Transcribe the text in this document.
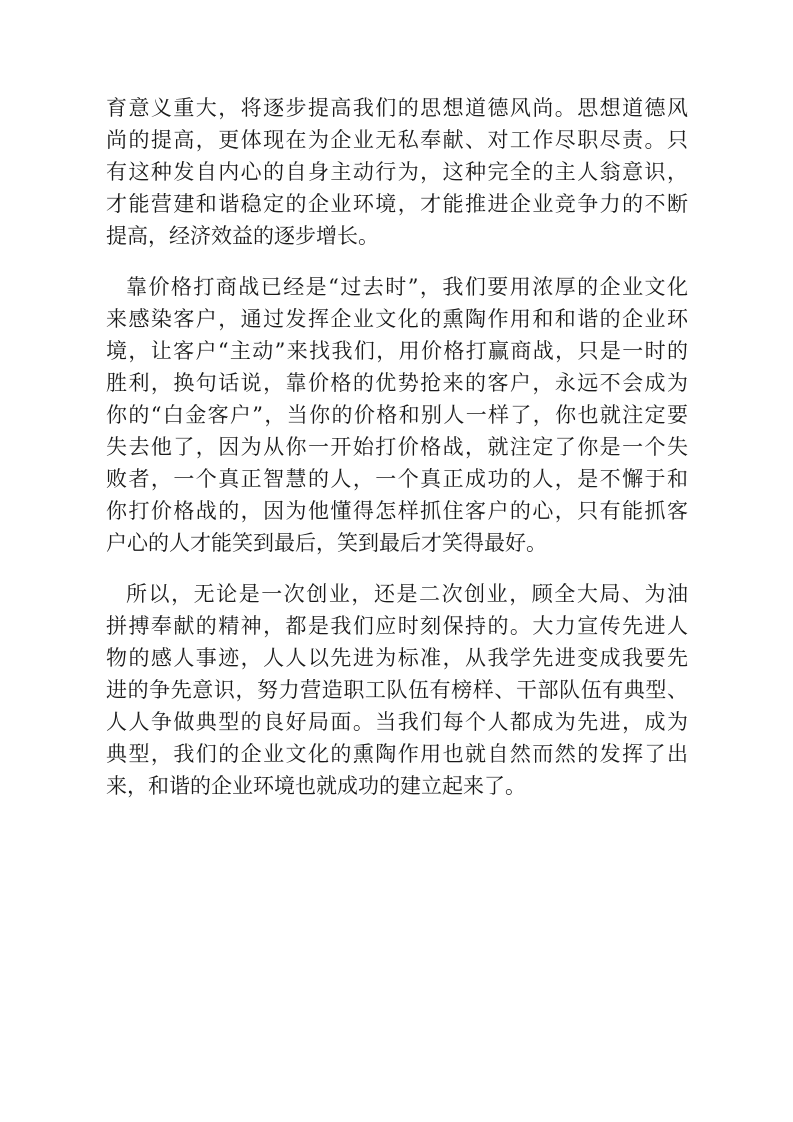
育意义重大，将逐步提高我们的思想道德风尚。思想道德风
尚的提高，更体现在为企业无私奉献、对工作尽职尽责。只
有这种发自内心的自身主动行为，这种完全的主人翁意识，
才能营建和谐稳定的企业环境，才能推进企业竞争力的不断
提高，经济效益的逐步增长。

靠价格打商战已经是“过去时”，我们要用浓厚的企业文化
来感染客户，通过发挥企业文化的熏陶作用和和谐的企业环
境，让客户“主动”来找我们，用价格打赢商战，只是一时的
胜利，换句话说，靠价格的优势抢来的客户，永远不会成为
你的“白金客户”，当你的价格和别人一样了，你也就注定要
失去他了，因为从你一开始打价格战，就注定了你是一个失
败者，一个真正智慧的人，一个真正成功的人，是不懈于和
你打价格战的，因为他懂得怎样抓住客户的心，只有能抓客
户心的人才能笑到最后，笑到最后才笑得最好。

所以，无论是一次创业，还是二次创业，顾全大局、为油
拼搏奉献的精神，都是我们应时刻保持的。大力宣传先进人
物的感人事迹，人人以先进为标准，从我学先进变成我要先
进的争先意识，努力营造职工队伍有榜样、干部队伍有典型、
人人争做典型的良好局面。当我们每个人都成为先进，成为
典型，我们的企业文化的熏陶作用也就自然而然的发挥了出
来，和谐的企业环境也就成功的建立起来了。
